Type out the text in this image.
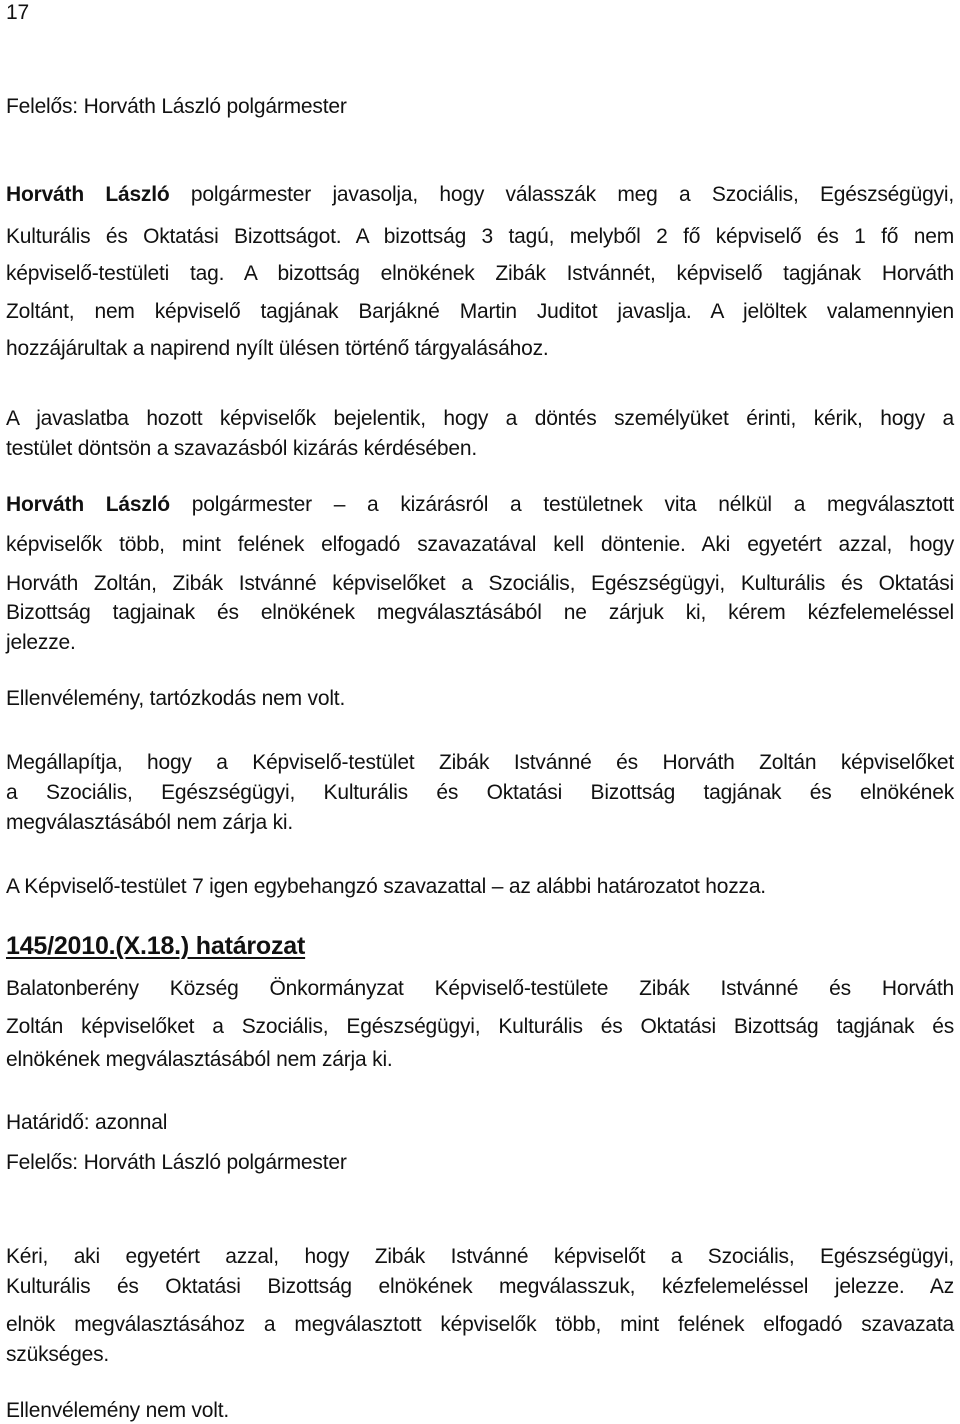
17
Felelős: Horváth László polgármester
Horváth László polgármester javasolja, hogy válasszák meg a Szociális, Egészségügyi,
Kulturális és Oktatási Bizottságot. A bizottság 3 tagú, melyből 2 fő képviselő és 1 fő nem
képviselő-testületi tag. A bizottság elnökének Zibák Istvánnét, képviselő tagjának Horváth
Zoltánt, nem képviselő tagjának Barjákné Martin Juditot javaslja. A jelöltek valamennyien
hozzájárultak a napirend nyílt ülésen történő tárgyalásához.
A javaslatba hozott képviselők bejelentik, hogy a döntés személyüket érinti, kérik, hogy a
testület döntsön a szavazásból kizárás kérdésében.
Horváth László polgármester – a kizárásról a testületnek vita nélkül a megválasztott
képviselők több, mint felének elfogadó szavazatával kell döntenie. Aki egyetért azzal, hogy
Horváth Zoltán, Zibák Istvánné képviselőket a Szociális, Egészségügyi, Kulturális és Oktatási
Bizottság tagjainak és elnökének megválasztásából ne zárjuk ki, kérem kézfelemeléssel
jelezze.
Ellenvélemény, tartózkodás nem volt.
Megállapítja, hogy a Képviselő-testület Zibák Istvánné és Horváth Zoltán képviselőket
a Szociális, Egészségügyi, Kulturális és Oktatási Bizottság tagjának és elnökének
megválasztásából nem zárja ki.
A Képviselő-testület 7 igen egybehangzó szavazattal – az alábbi határozatot hozza.
145/2010.(X.18.) határozat
Balatonberény Község Önkormányzat Képviselő-testülete Zibák Istvánné és Horváth
Zoltán képviselőket a Szociális, Egészségügyi, Kulturális és Oktatási Bizottság tagjának és
elnökének megválasztásából nem zárja ki.
Határidő: azonnal
Felelős: Horváth László polgármester
Kéri, aki egyetért azzal, hogy Zibák Istvánné képviselőt a Szociális, Egészségügyi,
Kulturális és Oktatási Bizottság elnökének megválasszuk, kézfelemeléssel jelezze. Az
elnök megválasztásához a megválasztott képviselők több, mint felének elfogadó szavazata
szükséges.
Ellenvélemény nem volt.
